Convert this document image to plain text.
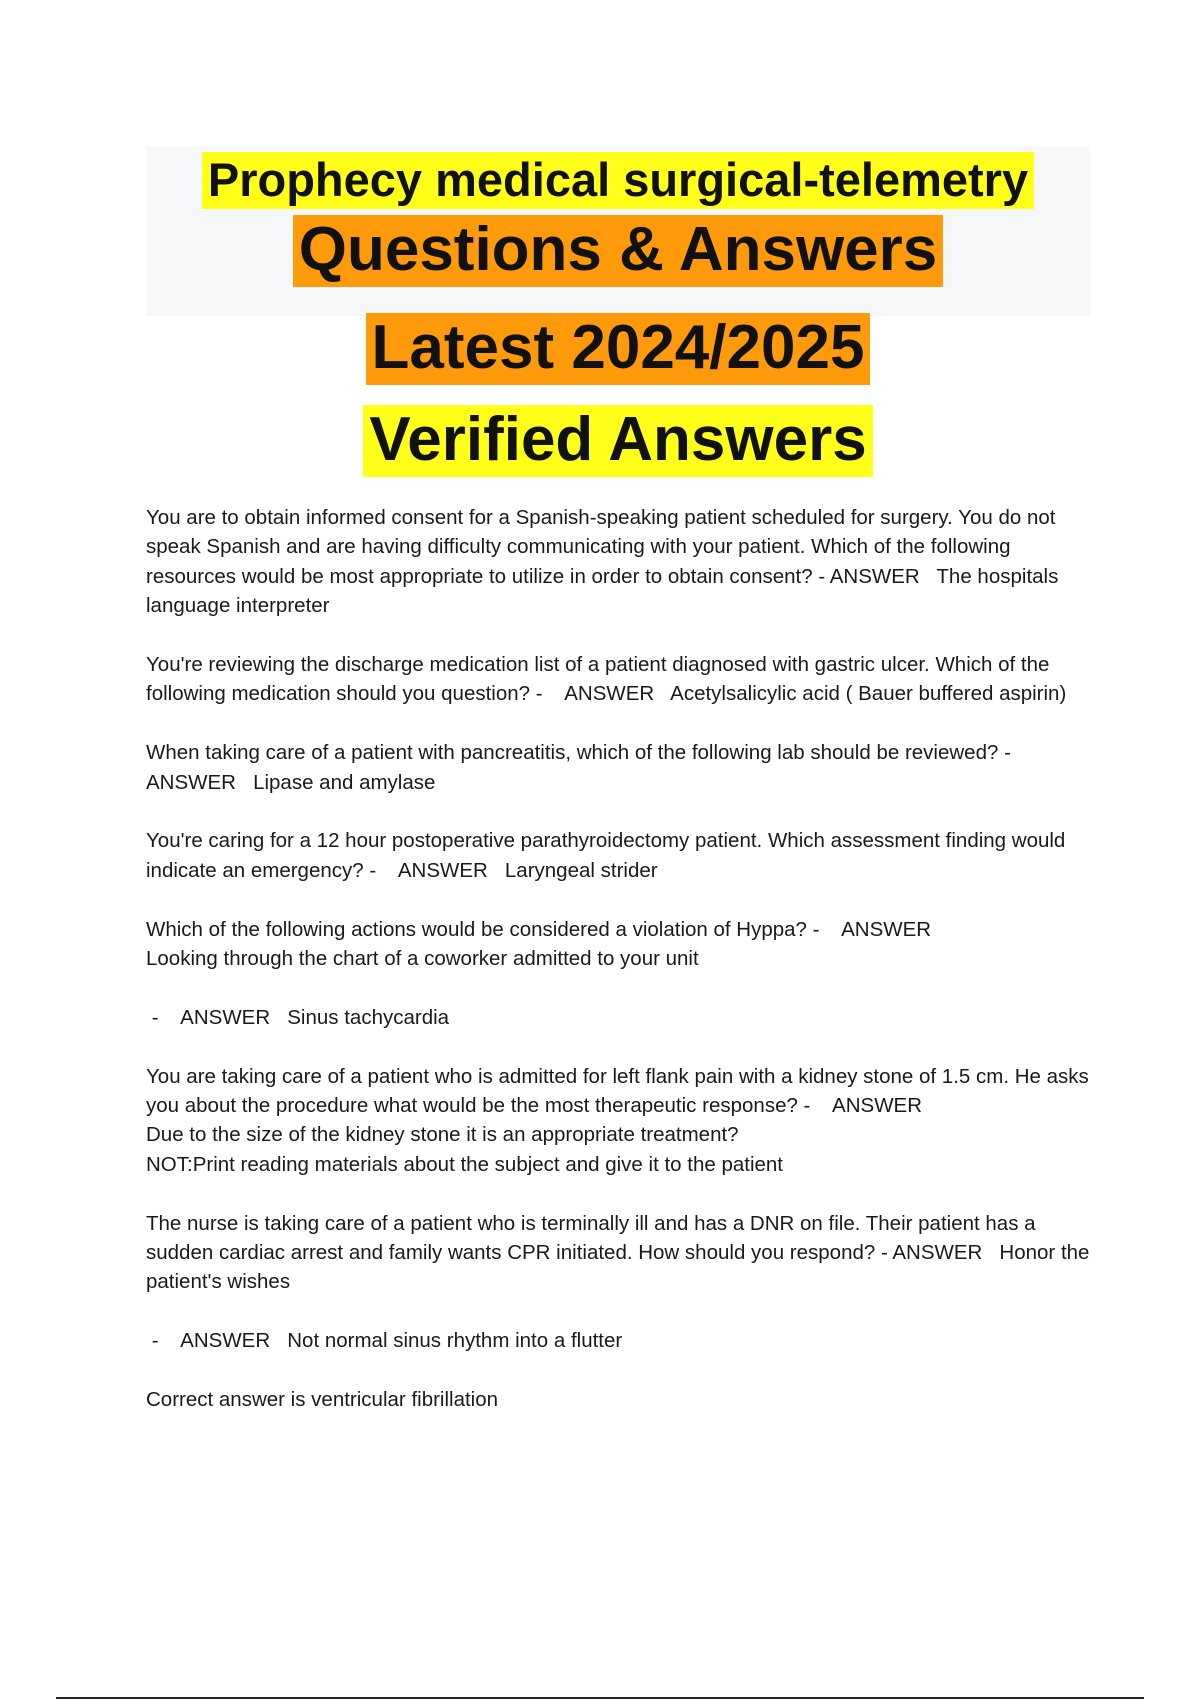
Prophecy medical surgical-telemetry
Questions & Answers
Latest 2024/2025
Verified Answers

You are to obtain informed consent for a Spanish-speaking patient scheduled for surgery. You do not speak Spanish and are having difficulty communicating with your patient. Which of the following resources would be most appropriate to utilize in order to obtain consent? - ANSWER   The hospitals language interpreter

You're reviewing the discharge medication list of a patient diagnosed with gastric ulcer. Which of the following medication should you question? -    ANSWER   Acetylsalicylic acid ( Bauer buffered aspirin)

When taking care of a patient with pancreatitis, which of the following lab should be reviewed? - ANSWER   Lipase and amylase

You're caring for a 12 hour postoperative parathyroidectomy patient. Which assessment finding would indicate an emergency? -    ANSWER   Laryngeal strider

Which of the following actions would be considered a violation of Hyppa? -    ANSWER
Looking through the chart of a coworker admitted to your unit

-    ANSWER   Sinus tachycardia

You are taking care of a patient who is admitted for left flank pain with a kidney stone of 1.5 cm. He asks you about the procedure what would be the most therapeutic response? -    ANSWER
Due to the size of the kidney stone it is an appropriate treatment?
NOT:Print reading materials about the subject and give it to the patient

The nurse is taking care of a patient who is terminally ill and has a DNR on file. Their patient has a sudden cardiac arrest and family wants CPR initiated. How should you respond? - ANSWER   Honor the patient's wishes

-    ANSWER   Not normal sinus rhythm into a flutter

Correct answer is ventricular fibrillation
